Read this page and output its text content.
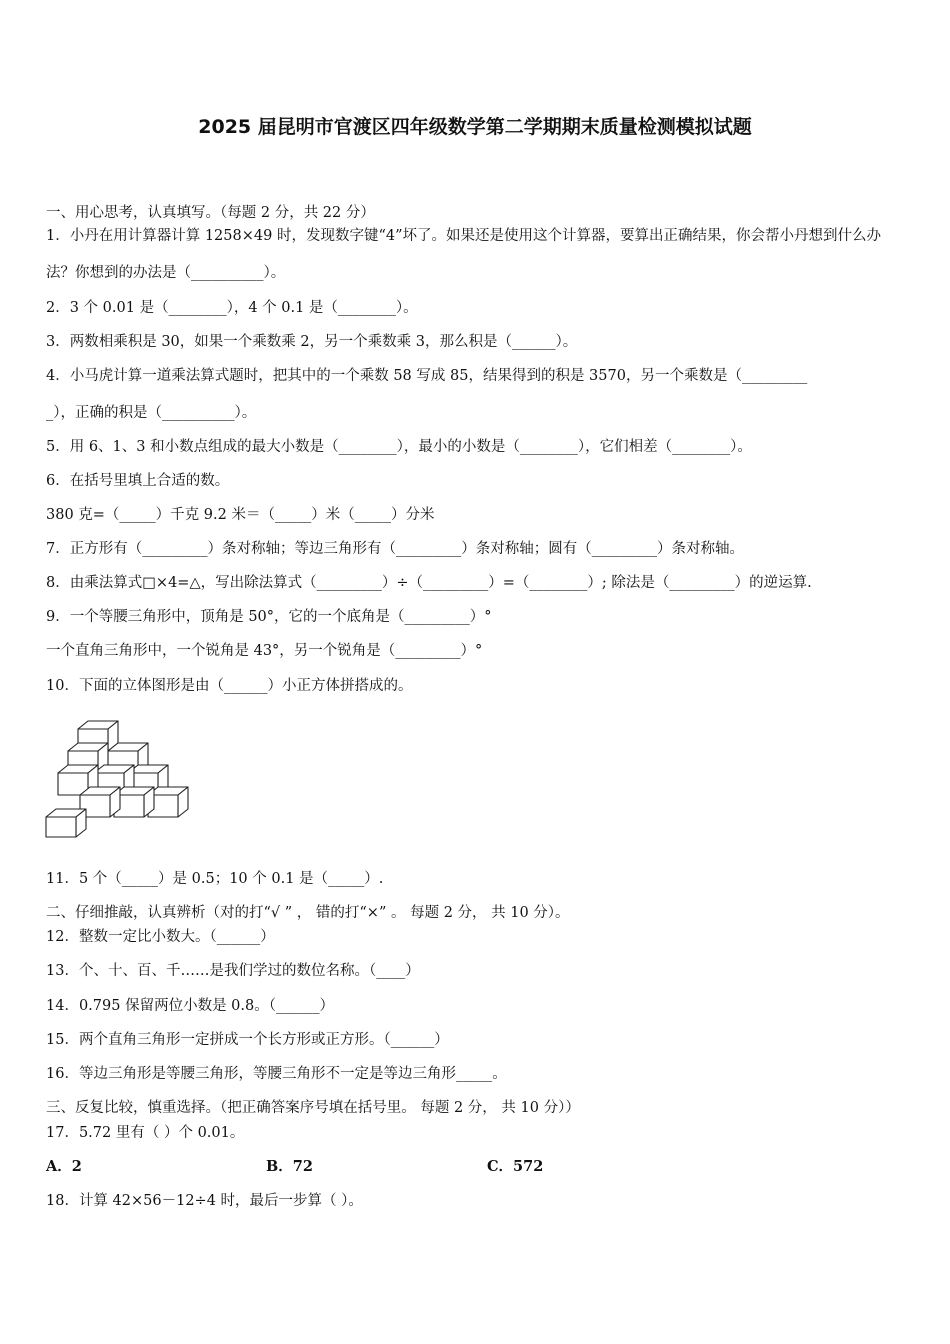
2025 届昆明市官渡区四年级数学第二学期期末质量检测模拟试题
一、用心思考，认真填写。（每题 2 分，共 22 分）
1．小丹在用计算器计算 1258×49 时，发现数字键“4”坏了。如果还是使用这个计算器，要算出正确结果，你会帮小丹想到什么办法？你想到的办法是（__________）。
2．3 个 0.01 是（________），4 个 0.1 是（________）。
3．两数相乘积是 30，如果一个乘数乘 2，另一个乘数乘 3，那么积是（______）。
4．小马虎计算一道乘法算式题时，把其中的一个乘数 58 写成 85，结果得到的积是 3570，另一个乘数是（_________
_），正确的积是（__________）。
5．用 6、1、3 和小数点组成的最大小数是（________），最小的小数是（________），它们相差（________）。
6．在括号里填上合适的数。
380 克=（_____）千克 9.2 米＝（_____）米（_____）分米
7．正方形有（_________）条对称轴；等边三角形有（_________）条对称轴；圆有（_________）条对称轴。
8．由乘法算式□×4=△，写出除法算式（_________）÷（_________）=（________）; 除法是（_________）的逆运算.
9．一个等腰三角形中，顶角是 50°，它的一个底角是（_________）°
一个直角三角形中，一个锐角是 43°，另一个锐角是（_________）°
10．下面的立体图形是由（______）小正方体拼搭成的。
11．5 个（_____）是 0.5；10 个 0.1 是（_____）.
二、仔细推敲，认真辨析（对的打“√ ” ， 错的打“×” 。 每题 2 分， 共 10 分）。
12．整数一定比小数大。（______）
13．个、十、百、千……是我们学过的数位名称。（____）
14．0.795 保留两位小数是 0.8。（______）
15．两个直角三角形一定拼成一个长方形或正方形。（______）
16．等边三角形是等腰三角形，等腰三角形不一定是等边三角形_____。
三、反复比较，慎重选择。（把正确答案序号填在括号里。 每题 2 分， 共 10 分））
17．5.72 里有（ ）个 0.01。
A．2	B．72	C．572
18．计算 42×56－12÷4 时，最后一步算（ ）。
